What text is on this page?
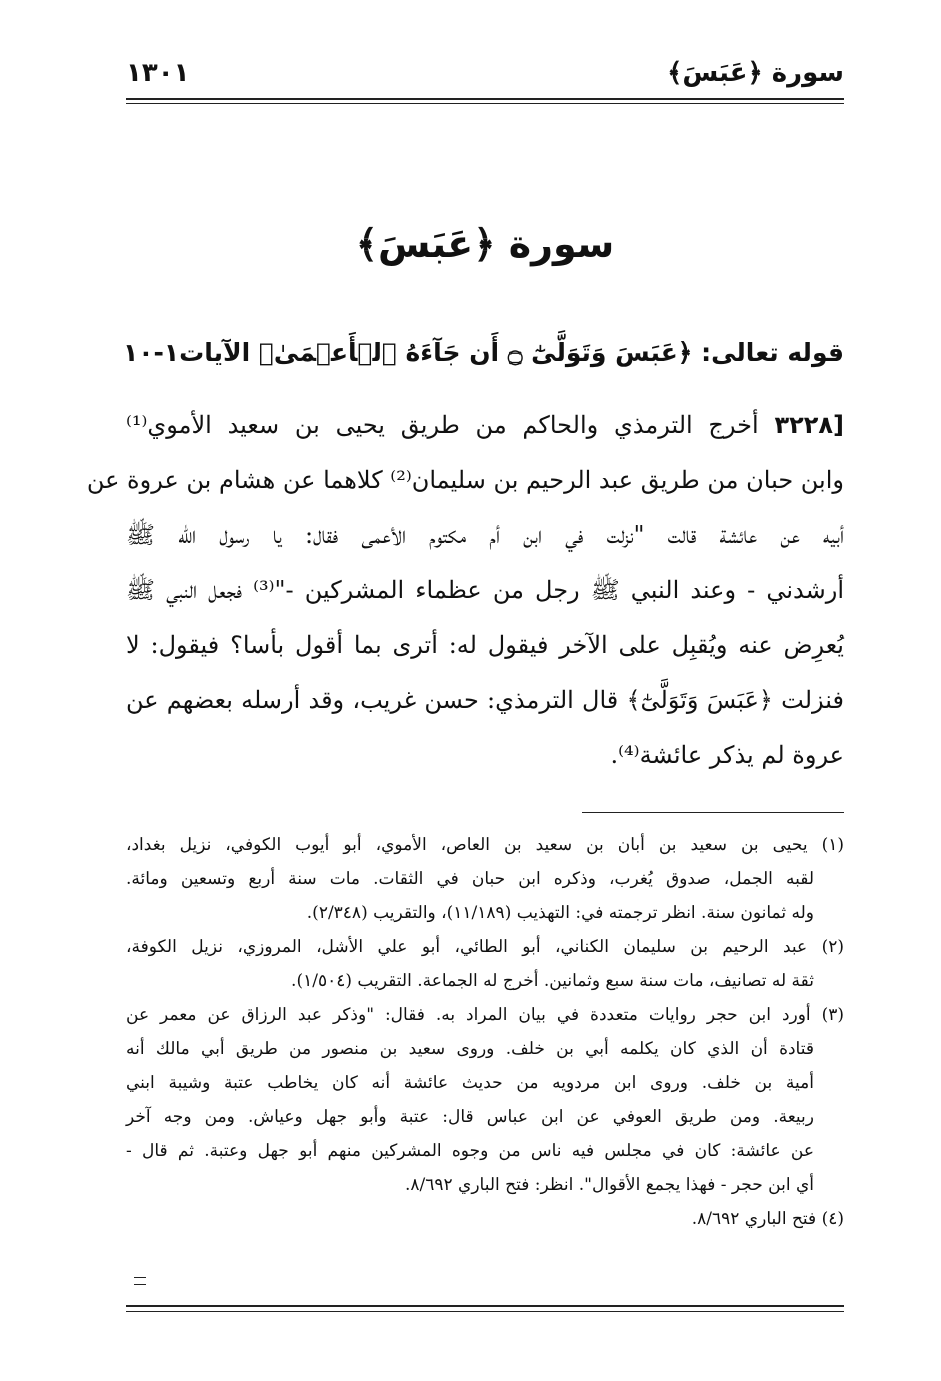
سورة ﴿عَبَسَ﴾
١٣٠١
سورة ﴿عَبَسَ﴾
قوله تعالى: ﴿عَبَسَ وَتَوَلَّىٰٓ ۝ أَن جَآءَهُ ٱلۡأَعۡمَىٰ﴾ الآيات١-١٠
[٣٢٢٨ أخرج الترمذي والحاكم من طريق يحيى بن سعيد الأموي⁽¹⁾
وابن حبان من طريق عبد الرحيم بن سليمان⁽²⁾ كلاهما عن هشام بن عروة عن
أبيه عن عائشة قالت "نزلت في ابن أم مكتوم الأعمى فقال: يا رسول الله ﷺ
أرشدني - وعند النبي ﷺ رجل من عظماء المشركين -"⁽³⁾ فجعل النبي ﷺ
يُعرِض عنه ويُقبِل على الآخر فيقول له: أترى بما أقول بأسا؟ فيقول: لا
فنزلت ﴿عَبَسَ وَتَوَلَّىٰٓ﴾ قال الترمذي: حسن غريب، وقد أرسله بعضهم عن
عروة لم يذكر عائشة⁽⁴⁾.
(١) يحيى بن سعيد بن أبان بن سعيد بن العاص، الأموي، أبو أيوب الكوفي، نزيل بغداد،
لقبه الجمل، صدوق يُغرب، وذكره ابن حبان في الثقات. مات سنة أربع وتسعين ومائة.
وله ثمانون سنة. انظر ترجمته في: التهذيب (١١/١٨٩)، والتقريب (٢/٣٤٨).
(٢) عبد الرحيم بن سليمان الكناني، أبو الطائي، أبو علي الأشل، المروزي، نزيل الكوفة،
ثقة له تصانيف، مات سنة سبع وثمانين. أخرج له الجماعة. التقريب (١/٥٠٤).
(٣) أورد ابن حجر روايات متعددة في بيان المراد به. فقال: "وذكر عبد الرزاق عن معمر عن
قتادة أن الذي كان يكلمه أبي بن خلف. وروى سعيد بن منصور من طريق أبي مالك أنه
أمية بن خلف. وروى ابن مردويه من حديث عائشة أنه كان يخاطب عتبة وشيبة ابني
ربيعة. ومن طريق العوفي عن ابن عباس قال: عتبة وأبو جهل وعياش. ومن وجه آخر
عن عائشة: كان في مجلس فيه ناس من وجوه المشركين منهم أبو جهل وعتبة. ثم قال -
أي ابن حجر - فهذا يجمع الأقوال". انظر: فتح الباري ٨/٦٩٢.
(٤) فتح الباري ٨/٦٩٢.
